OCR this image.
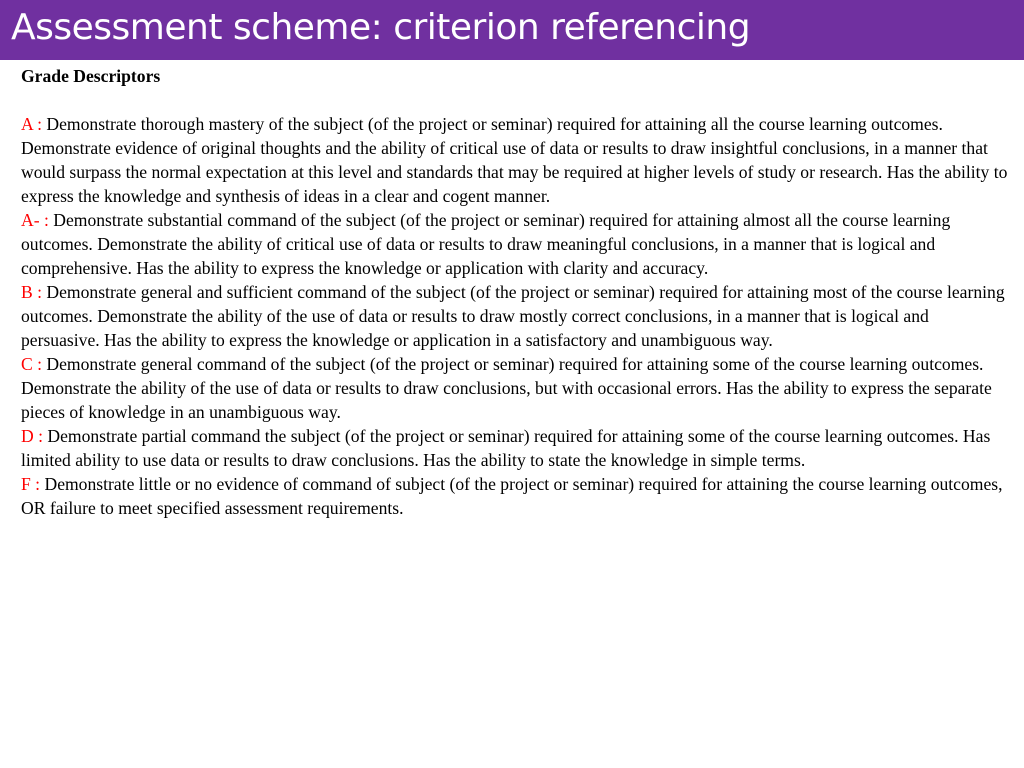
Assessment scheme: criterion referencing

Grade Descriptors

A : Demonstrate thorough mastery of the subject (of the project or seminar) required for attaining all the course learning outcomes. Demonstrate evidence of original thoughts and the ability of critical use of data or results to draw insightful conclusions, in a manner that would surpass the normal expectation at this level and standards that may be required at higher levels of study or research. Has the ability to express the knowledge and synthesis of ideas in a clear and cogent manner.

A- : Demonstrate substantial command of the subject (of the project or seminar) required for attaining almost all the course learning outcomes. Demonstrate the ability of critical use of data or results to draw meaningful conclusions, in a manner that is logical and comprehensive. Has the ability to express the knowledge or application with clarity and accuracy.

B : Demonstrate general and sufficient command of the subject (of the project or seminar) required for attaining most of the course learning outcomes. Demonstrate the ability of the use of data or results to draw mostly correct conclusions, in a manner that is logical and persuasive. Has the ability to express the knowledge or application in a satisfactory and unambiguous way.

C : Demonstrate general command of the subject (of the project or seminar) required for attaining some of the course learning outcomes. Demonstrate the ability of the use of data or results to draw conclusions, but with occasional errors. Has the ability to express the separate pieces of knowledge in an unambiguous way.

D : Demonstrate partial command the subject (of the project or seminar) required for attaining some of the course learning outcomes. Has limited ability to use data or results to draw conclusions. Has the ability to state the knowledge in simple terms.

F : Demonstrate little or no evidence of command of subject (of the project or seminar) required for attaining the course learning outcomes, OR failure to meet specified assessment requirements.
